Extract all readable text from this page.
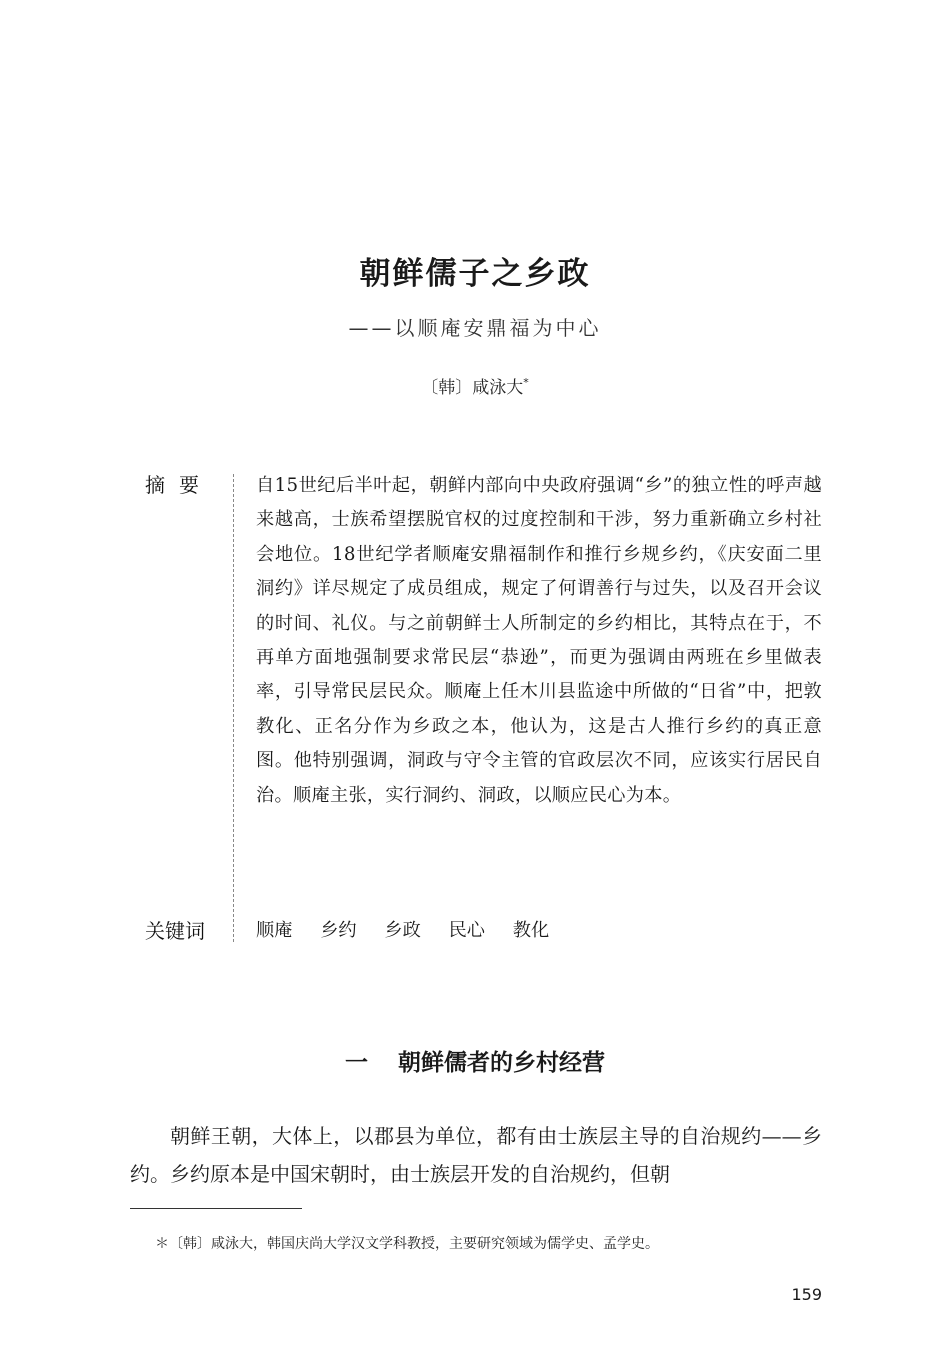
朝鲜儒子之乡政
——以顺庵安鼎福为中心
〔韩〕咸泳大*
摘要 自15世纪后半叶起，朝鲜内部向中央政府强调“乡”的独立性的呼声越来越高，士族希望摆脱官权的过度控制和干涉，努力重新确立乡村社会地位。18世纪学者顺庵安鼎福制作和推行乡规乡约，《庆安面二里洞约》详尽规定了成员组成，规定了何谓善行与过失，以及召开会议的时间、礼仪。与之前朝鲜士人所制定的乡约相比，其特点在于，不再单方面地强制要求常民层“恭逊”，而更为强调由两班在乡里做表率，引导常民层民众。顺庵上任木川县监途中所做的“日省”中，把敦教化、正名分作为乡政之本，他认为，这是古人推行乡约的真正意图。他特别强调，洞政与守令主管的官政层次不同，应该实行居民自治。顺庵主张，实行洞约、洞政，以顺应民心为本。
关键词	顺庵 乡约 乡政 民心 教化
一 朝鲜儒者的乡村经营
朝鲜王朝，大体上，以郡县为单位，都有由士族层主导的自治规约——乡约。乡约原本是中国宋朝时，由士族层开发的自治规约，但朝
＊〔韩〕咸泳大，韩国庆尚大学汉文学科教授，主要研究领域为儒学史、孟学史。
159
